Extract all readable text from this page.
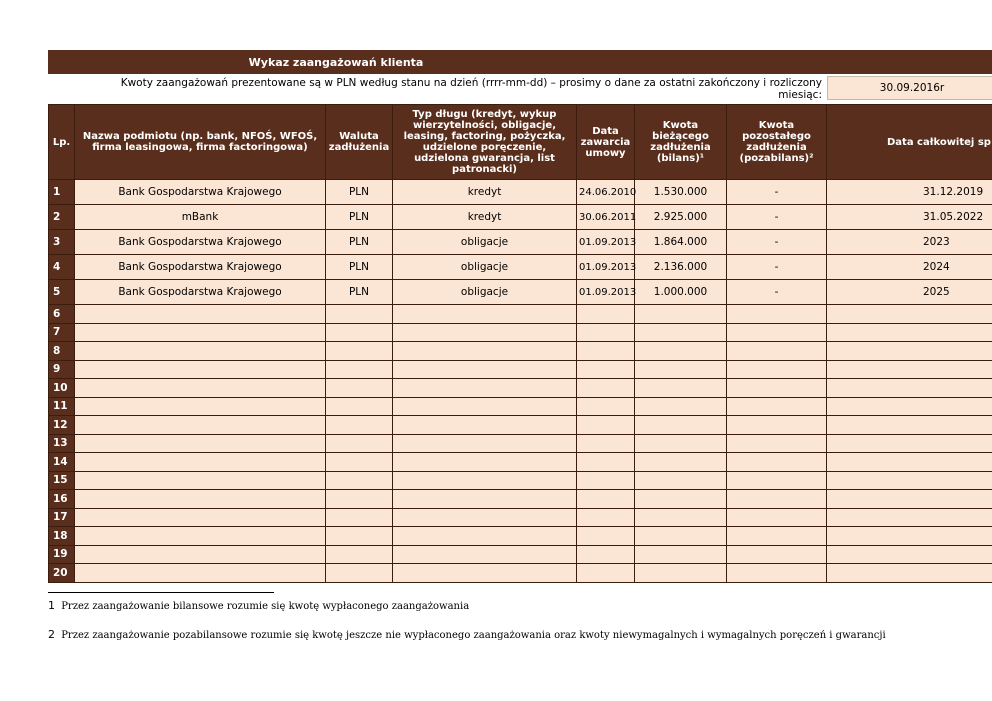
Wykaz zaangażowań klienta
Kwoty zaangażowań prezentowane są w PLN według stanu na dzień (rrrr-mm-dd) – prosimy o dane za ostatni zakończony i rozliczony miesiąc:
30.09.2016r
Lp.	Nazwa podmiotu (np. bank, NFOŚ, WFOŚ, firma leasingowa, firma factoringowa)	Waluta zadłużenia	Typ długu (kredyt, wykup wierzytelności, obligacje, leasing, factoring, pożyczka, udzielone poręczenie, udzielona gwarancja, list patronacki)	Data zawarcia umowy	Kwota bieżącego zadłużenia (bilans)¹	Kwota pozostałego zadłużenia (pozabilans)²	Data całkowitej sp
1	Bank Gospodarstwa Krajowego	PLN	kredyt	24.06.2010	1.530.000	-	31.12.2019
2	mBank	PLN	kredyt	30.06.2011	2.925.000	-	31.05.2022
3	Bank Gospodarstwa Krajowego	PLN	obligacje	01.09.2013	1.864.000	-	2023
4	Bank Gospodarstwa Krajowego	PLN	obligacje	01.09.2013	2.136.000	-	2024
5	Bank Gospodarstwa Krajowego	PLN	obligacje	01.09.2013	1.000.000	-	2025
6							
7							
8							
9							
10							
11							
12							
13							
14							
15							
16							
17							
18							
19							
20							
1 Przez zaangażowanie bilansowe rozumie się kwotę wypłaconego zaangażowania
2 Przez zaangażowanie pozabilansowe rozumie się kwotę jeszcze nie wypłaconego zaangażowania oraz kwoty niewymagalnych i wymagalnych poręczeń i gwarancji
